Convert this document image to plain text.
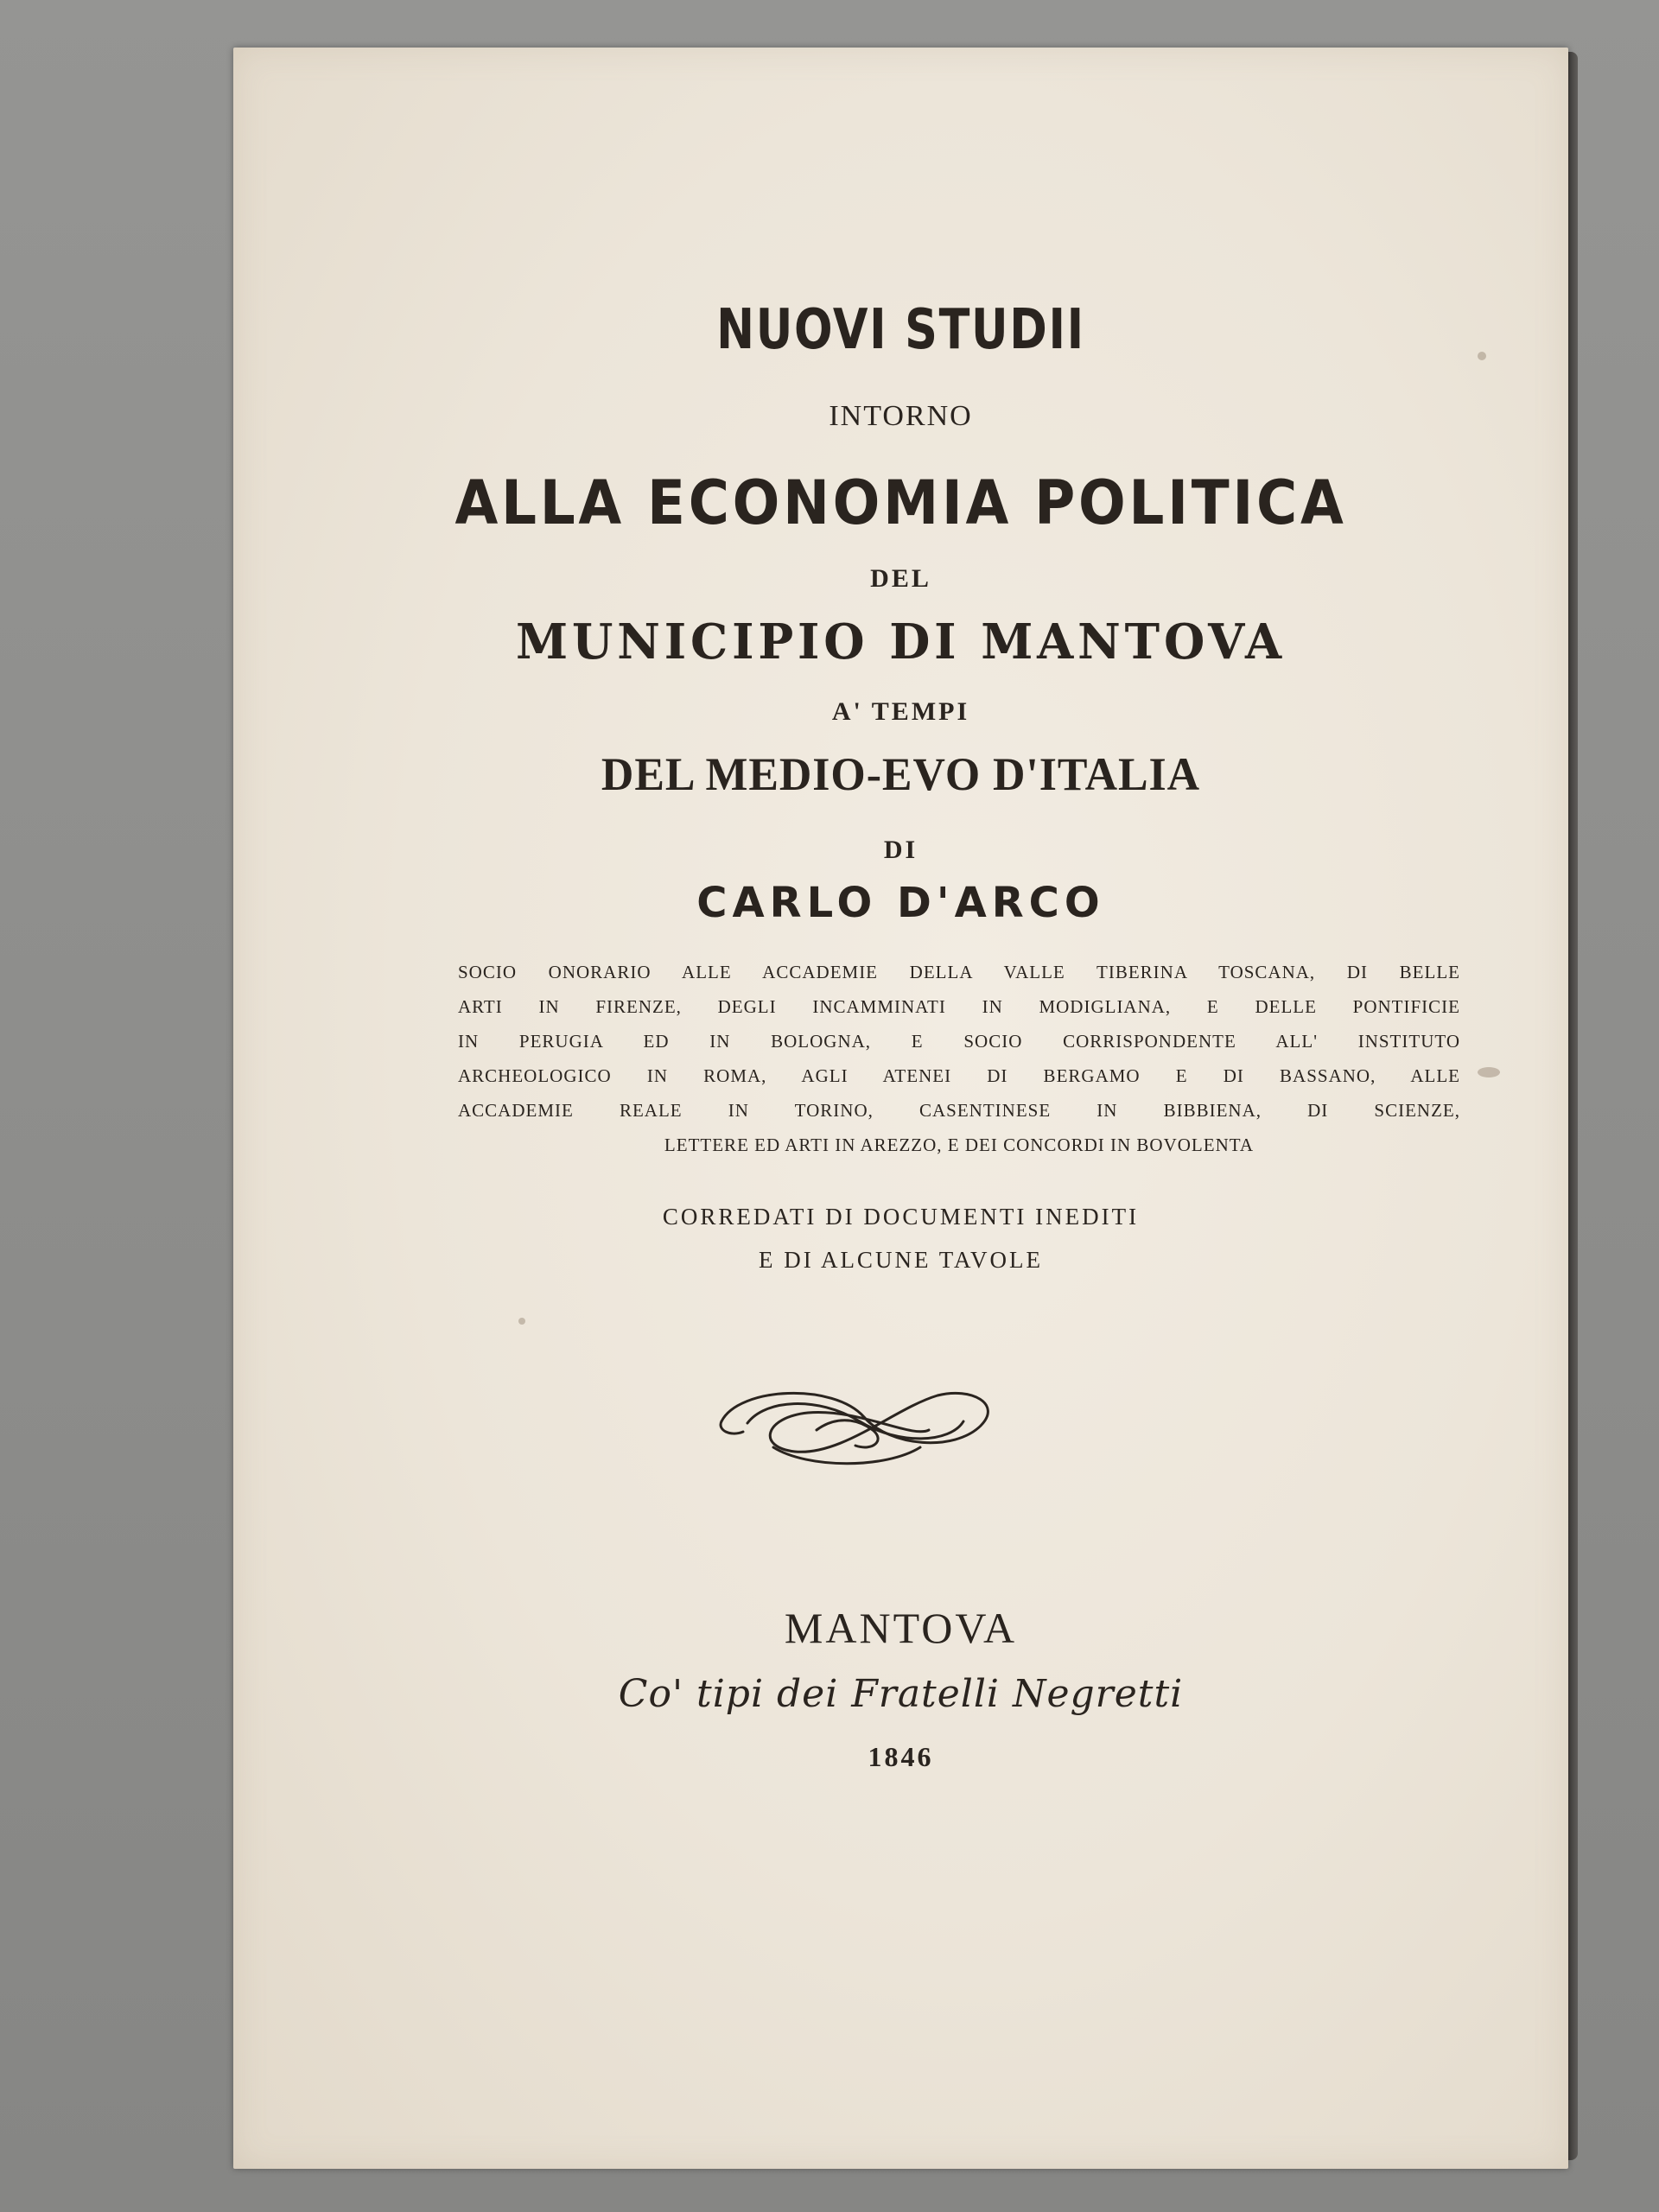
NUOVI STUDII
INTORNO
ALLA ECONOMIA POLITICA
DEL
MUNICIPIO DI MANTOVA
A' TEMPI
DEL MEDIO-EVO D'ITALIA
DI
CARLO D'ARCO
SOCIO ONORARIO ALLE ACCADEMIE DELLA VALLE TIBERINA TOSCANA, DI BELLE
ARTI IN FIRENZE, DEGLI INCAMMINATI IN MODIGLIANA, E DELLE PONTIFICIE
IN PERUGIA ED IN BOLOGNA, E SOCIO CORRISPONDENTE ALL' INSTITUTO
ARCHEOLOGICO IN ROMA, AGLI ATENEI DI BERGAMO E DI BASSANO, ALLE
ACCADEMIE REALE IN TORINO, CASENTINESE IN BIBBIENA, DI SCIENZE,
LETTERE ED ARTI IN AREZZO, E DEI CONCORDI IN BOVOLENTA
CORREDATI DI DOCUMENTI INEDITI
E DI ALCUNE TAVOLE
MANTOVA
Co' tipi dei Fratelli Negretti
1846
